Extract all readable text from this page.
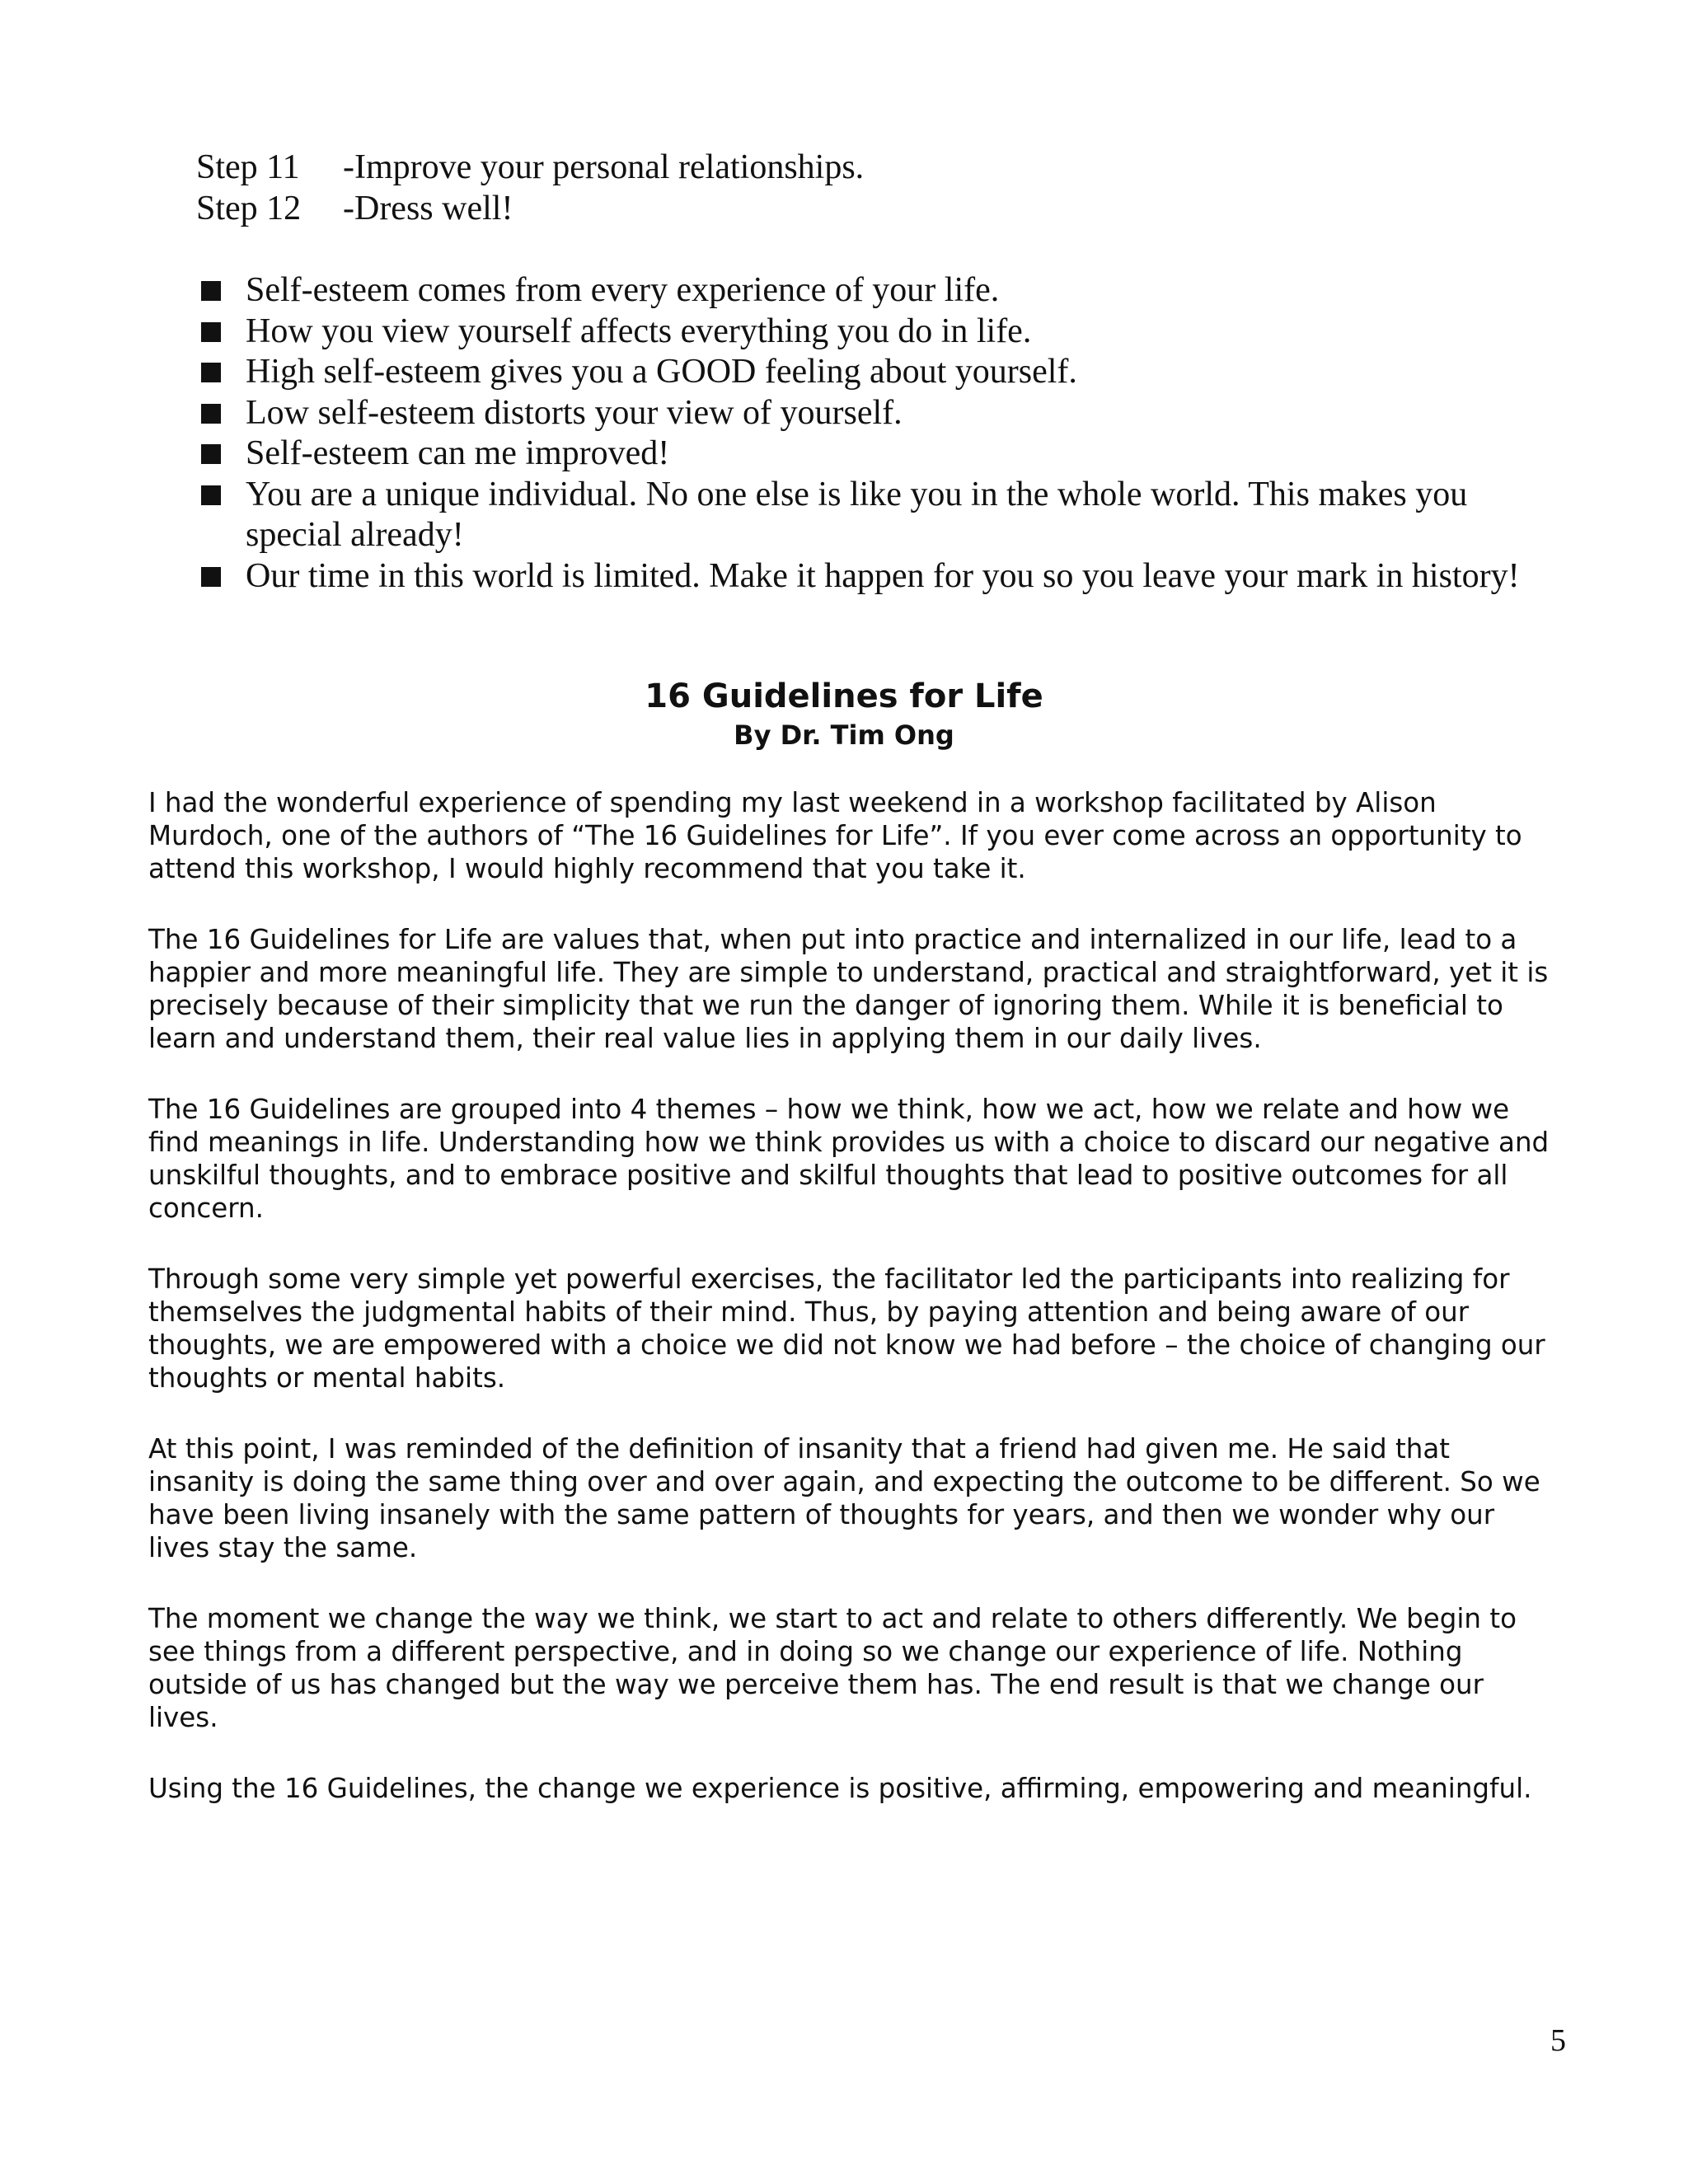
Step 11	-Improve your personal relationships.
Step 12	-Dress well!
Self-esteem comes from every experience of your life.
How you view yourself affects everything you do in life.
High self-esteem gives you a GOOD feeling about yourself.
Low self-esteem distorts your view of yourself.
Self-esteem can me improved!
You are a unique individual. No one else is like you in the whole world. This makes you special already!
Our time in this world is limited. Make it happen for you so you leave your mark in history!
16 Guidelines for Life
By Dr. Tim Ong

I had the wonderful experience of spending my last weekend in a workshop facilitated by Alison Murdoch, one of the authors of “The 16 Guidelines for Life”. If you ever come across an opportunity to attend this workshop, I would highly recommend that you take it.

The 16 Guidelines for Life are values that, when put into practice and internalized in our life, lead to a happier and more meaningful life. They are simple to understand, practical and straightforward, yet it is precisely because of their simplicity that we run the danger of ignoring them. While it is beneficial to learn and understand them, their real value lies in applying them in our daily lives.

The 16 Guidelines are grouped into 4 themes – how we think, how we act, how we relate and how we find meanings in life. Understanding how we think provides us with a choice to discard our negative and unskilful thoughts, and to embrace positive and skilful thoughts that lead to positive outcomes for all concern.

Through some very simple yet powerful exercises, the facilitator led the participants into realizing for themselves the judgmental habits of their mind. Thus, by paying attention and being aware of our thoughts, we are empowered with a choice we did not know we had before – the choice of changing our thoughts or mental habits.

At this point, I was reminded of the definition of insanity that a friend had given me. He said that insanity is doing the same thing over and over again, and expecting the outcome to be different. So we have been living insanely with the same pattern of thoughts for years, and then we wonder why our lives stay the same.

The moment we change the way we think, we start to act and relate to others differently. We begin to see things from a different perspective, and in doing so we change our experience of life. Nothing outside of us has changed but the way we perceive them has. The end result is that we change our lives.

Using the 16 Guidelines, the change we experience is positive, affirming, empowering and meaningful.

5
